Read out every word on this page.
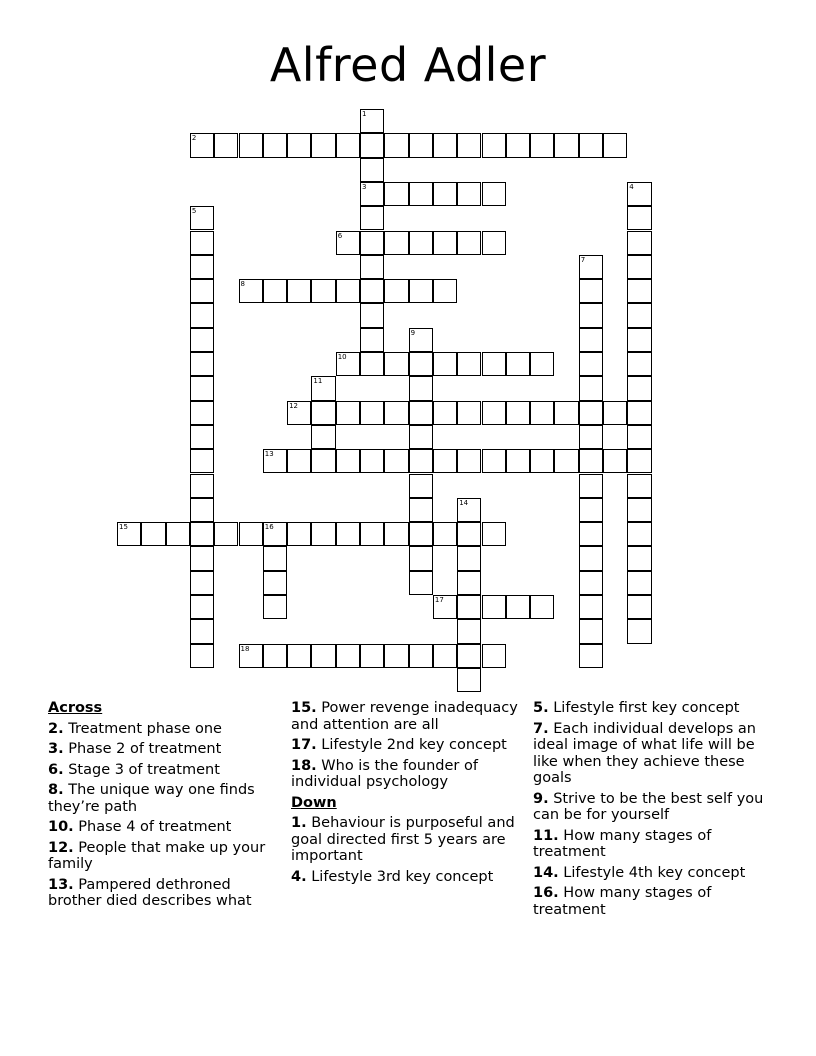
Alfred Adler
1
3
2
4
5
6
7
8
9
10
11
12
13
14
15	16
17
18
Across
2. Treatment phase one
3. Phase 2 of treatment
6. Stage 3 of treatment
8. The unique way one finds they’re path
10. Phase 4 of treatment
12. People that make up your family
13. Pampered dethroned brother died describes what
15. Power revenge inadequacy and attention are all
17. Lifestyle 2nd key concept
18. Who is the founder of individual psychology
Down
1. Behaviour is purposeful and goal directed first 5 years are important
4. Lifestyle 3rd key concept
5. Lifestyle first key concept
7. Each individual develops an ideal image of what life will be like when they achieve these goals
9. Strive to be the best self you can be for yourself
11. How many stages of treatment
14. Lifestyle 4th key concept
16. How many stages of treatment
